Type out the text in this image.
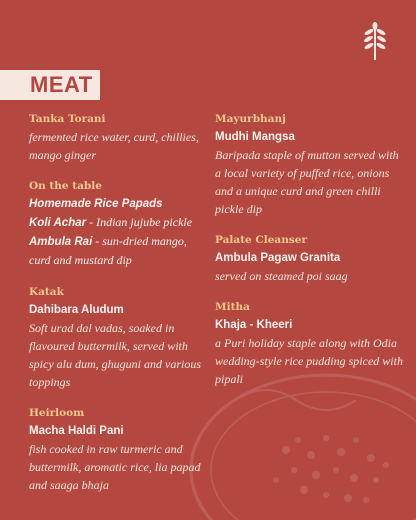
MEAT
Tanka Torani
fermented rice water, curd, chillies, mango ginger
On the table
Homemade Rice Papads
Koli Achar - Indian jujube pickle
Ambula Rai - sun-dried mango, curd and mustard dip
Katak
Dahibara Aludum
Soft urad dal vadas, soaked in flavoured buttermilk, served with spicy alu dum, ghuguni and various toppings
Heirloom
Macha Haldi Pani
fish cooked in raw turmeric and buttermilk, aromatic rice, lia papad and saaga bhaja
Mayurbhanj
Mudhi Mangsa
Baripada staple of mutton served with a local variety of puffed rice, onions and a unique curd and green chilli pickle dip
Palate Cleanser
Ambula Pagaw Granita
served on steamed poi saag
Mitha
Khaja - Kheeri
a Puri holiday staple along with Odia wedding-style rice pudding spiced with pipali
